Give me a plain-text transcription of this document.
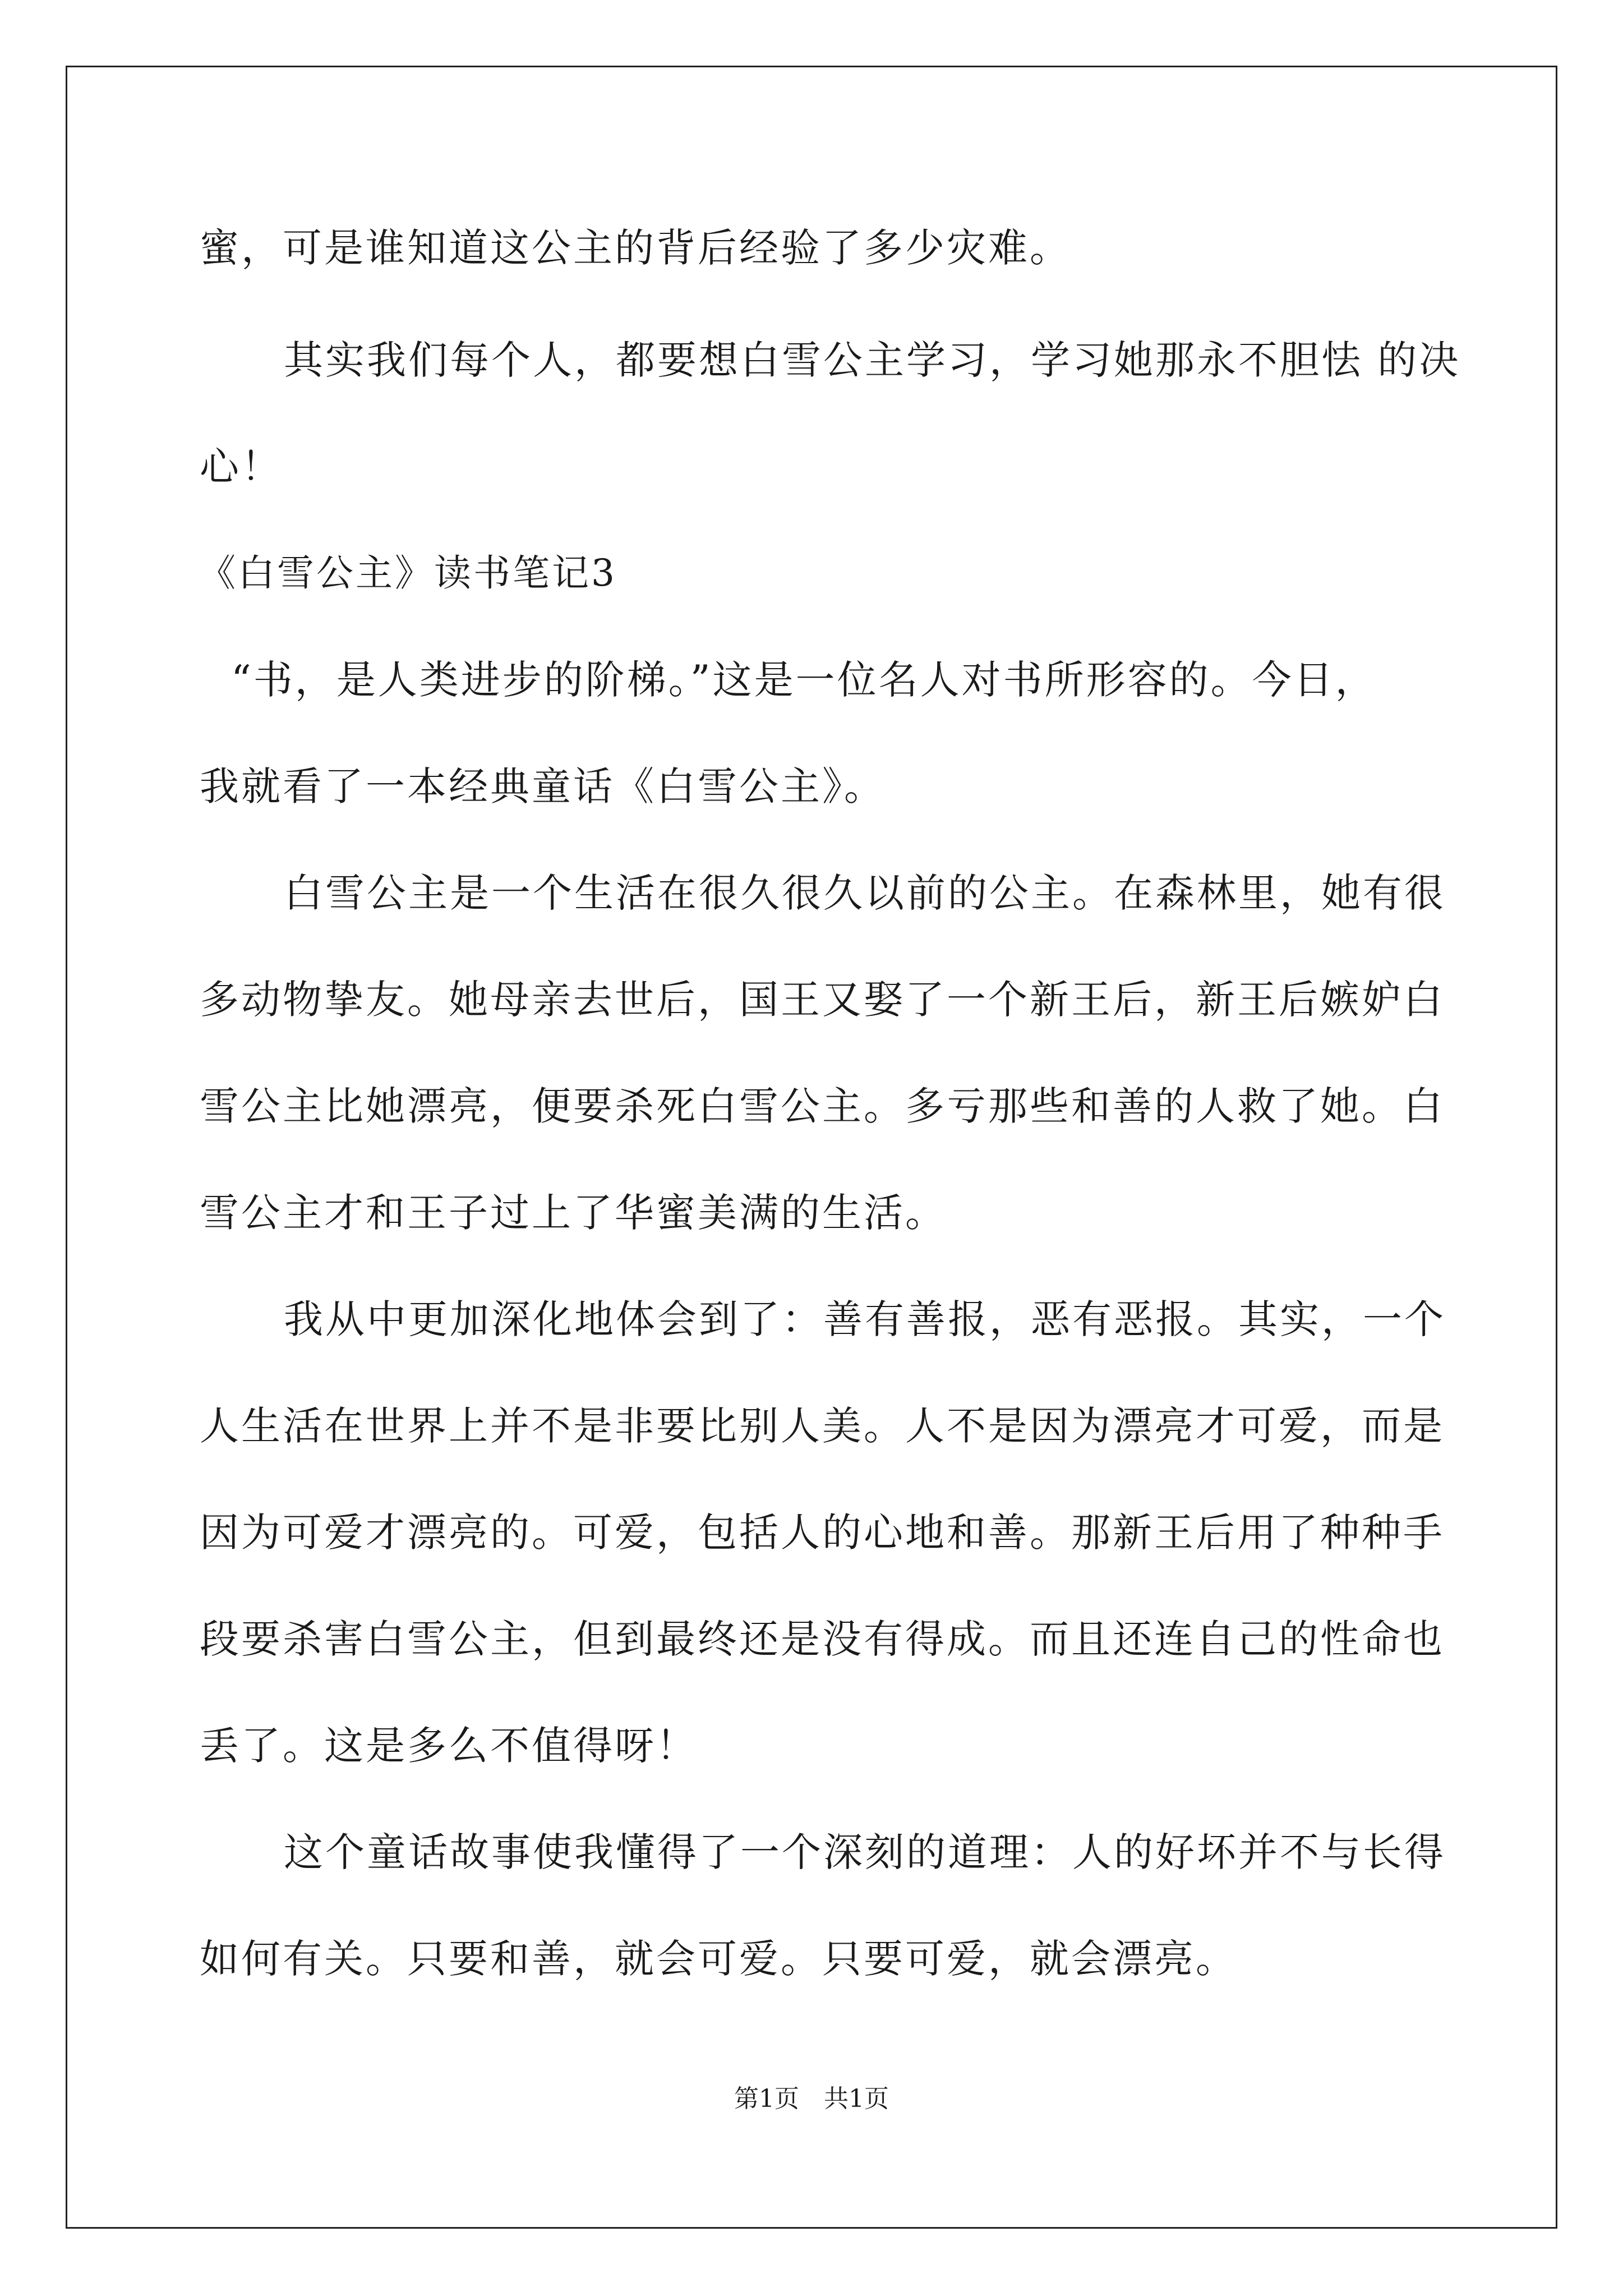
蜜，可是谁知道这公主的背后经验了多少灾难。
其实我们每个人，都要想白雪公主学习，学习她那永不胆怯 的决
心！
《白雪公主》读书笔记3
“书，是人类进步的阶梯。”这是一位名人对书所形容的。今日，
我就看了一本经典童话《白雪公主》。
白雪公主是一个生活在很久很久以前的公主。在森林里，她有很
多动物挚友。她母亲去世后，国王又娶了一个新王后，新王后嫉妒白
雪公主比她漂亮，便要杀死白雪公主。多亏那些和善的人救了她。白
雪公主才和王子过上了华蜜美满的生活。
我从中更加深化地体会到了：善有善报，恶有恶报。其实，一个
人生活在世界上并不是非要比别人美。人不是因为漂亮才可爱，而是
因为可爱才漂亮的。可爱，包括人的心地和善。那新王后用了种种手
段要杀害白雪公主，但到最终还是没有得成。而且还连自己的性命也
丢了。这是多么不值得呀！
这个童话故事使我懂得了一个深刻的道理：人的好坏并不与长得
如何有关。只要和善，就会可爱。只要可爱，就会漂亮。
第1页　共1页
